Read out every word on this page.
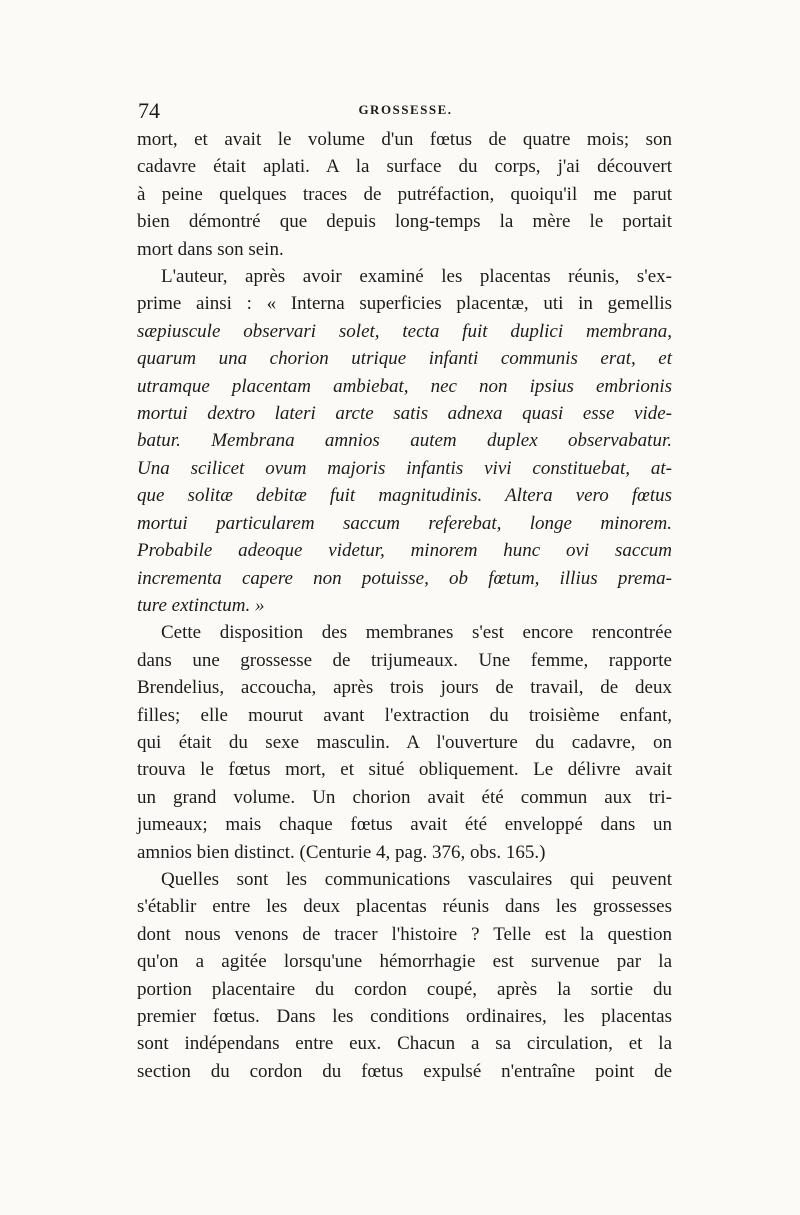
74	GROSSESSE.

mort, et avait le volume d'un fœtus de quatre mois; son

cadavre était aplati. A la surface du corps, j'ai découvert

à peine quelques traces de putréfaction, quoiqu'il me parut

bien démontré que depuis long-temps la mère le portait

mort dans son sein.

L'auteur, après avoir examiné les placentas réunis, s'ex-

prime ainsi : « Interna superficies placentæ, uti in gemellis

sæpiuscule observari solet, tecta fuit duplici membrana,

quarum una chorion utrique infanti communis erat, et

utramque placentam ambiebat, nec non ipsius embrionis

mortui dextro lateri arcte satis adnexa quasi esse vide-

batur. Membrana amnios autem duplex observabatur.

Una scilicet ovum majoris infantis vivi constituebat, at-

que solitæ debitæ fuit magnitudinis. Altera vero fœtus

mortui particularem saccum referebat, longe minorem.

Probabile adeoque videtur, minorem hunc ovi saccum

incrementa capere non potuisse, ob fœtum, illius prema-

ture extinctum. »

Cette disposition des membranes s'est encore rencontrée

dans une grossesse de trijumeaux. Une femme, rapporte

Brendelius, accoucha, après trois jours de travail, de deux

filles; elle mourut avant l'extraction du troisième enfant,

qui était du sexe masculin. A l'ouverture du cadavre, on

trouva le fœtus mort, et situé obliquement. Le délivre avait

un grand volume. Un chorion avait été commun aux tri-

jumeaux; mais chaque fœtus avait été enveloppé dans un

amnios bien distinct. (Centurie 4, pag. 376, obs. 165.)

Quelles sont les communications vasculaires qui peuvent

s'établir entre les deux placentas réunis dans les grossesses

dont nous venons de tracer l'histoire ? Telle est la question

qu'on a agitée lorsqu'une hémorrhagie est survenue par la

portion placentaire du cordon coupé, après la sortie du

premier fœtus. Dans les conditions ordinaires, les placentas

sont indépendans entre eux. Chacun a sa circulation, et la

section du cordon du fœtus expulsé n'entraîne point de
